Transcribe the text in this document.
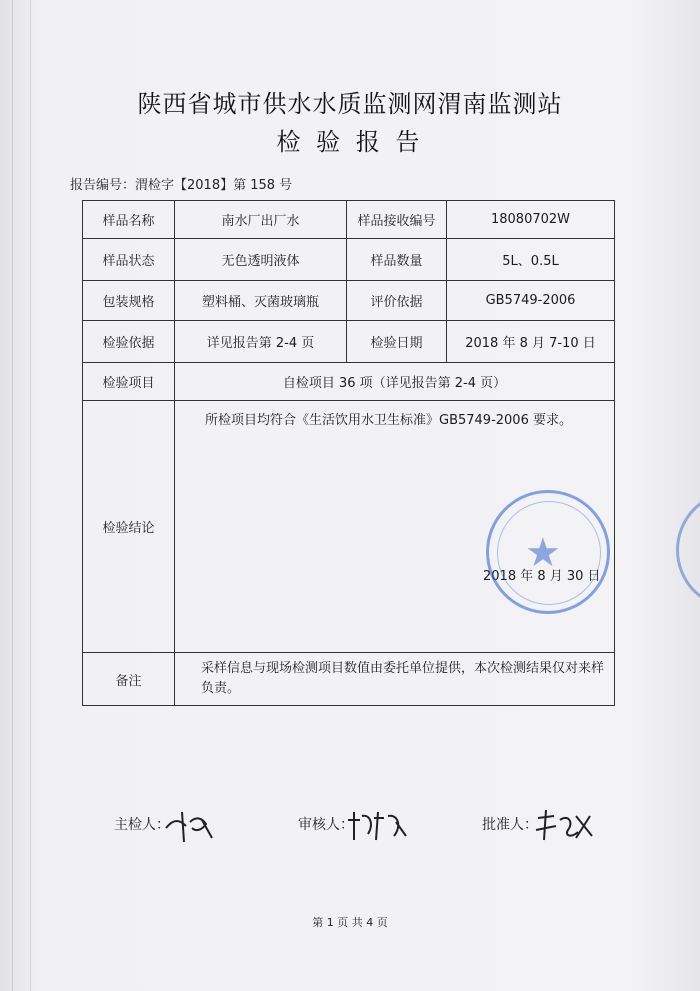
陕西省城市供水水质监测网渭南监测站
检 验 报 告
报告编号：渭检字【2018】第 158 号
样品名称	南水厂出厂水	样品接收编号	18080702W
样品状态	无色透明液体	样品数量	5L、0.5L
包装规格	塑料桶、灭菌玻璃瓶	评价依据	GB5749-2006
检验依据	详见报告第 2-4 页	检验日期	2018 年 8 月 7-10 日
检验项目	自检项目 36 项（详见报告第 2-4 页）		
检验结论	所检项目均符合《生活饮用水卫生标准》GB5749-2006 要求。
2018 年 8 月 30 日		

备注	采样信息与现场检测项目数值由委托单位提供，本次检测结果仅对来样负责。		
★
主检人：	审核人：	批准人：
第 1 页 共 4 页
